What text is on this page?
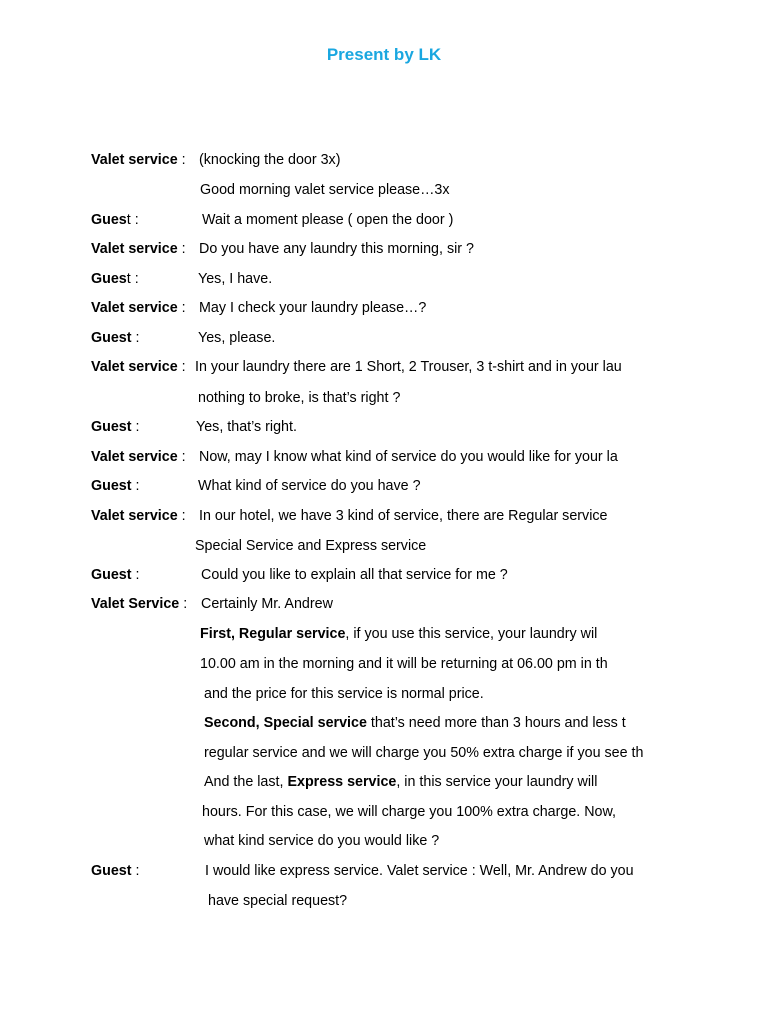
Present by LK
Valet service : (knocking the door 3x)
Good morning valet service please…3x
Guest :	Wait a moment please ( open the door )
Valet service : Do you have any laundry this morning, sir ?
Guest :	Yes, I have.
Valet service : May I check your laundry please…?
Guest :	Yes, please.
Valet service : In your laundry there are 1 Short, 2 Trouser, 3 t-shirt and in your lau
nothing to broke, is that’s right ?
Guest :	Yes, that’s right.
Valet service : Now, may I know what kind of service do you would like for your la
Guest :	What kind of service do you have ?
Valet service : In our hotel, we have 3 kind of service, there are Regular service
Special Service and Express service
Guest :	Could you like to explain all that service for me ?
Valet Service : Certainly Mr. Andrew
First, Regular service, if you use this service, your laundry wil
10.00 am in the morning and it will be returning at 06.00 pm in th
and the price for this service is normal price.
Second, Special service that’s need more than 3 hours and less t
regular service and we will charge you 50% extra charge if you see th
And the last, Express service, in this service your laundry will
hours. For this case, we will charge you 100% extra charge. Now,
what kind service do you would like ?
Guest :	I would like express service. Valet service : Well, Mr. Andrew do you
have special request?
